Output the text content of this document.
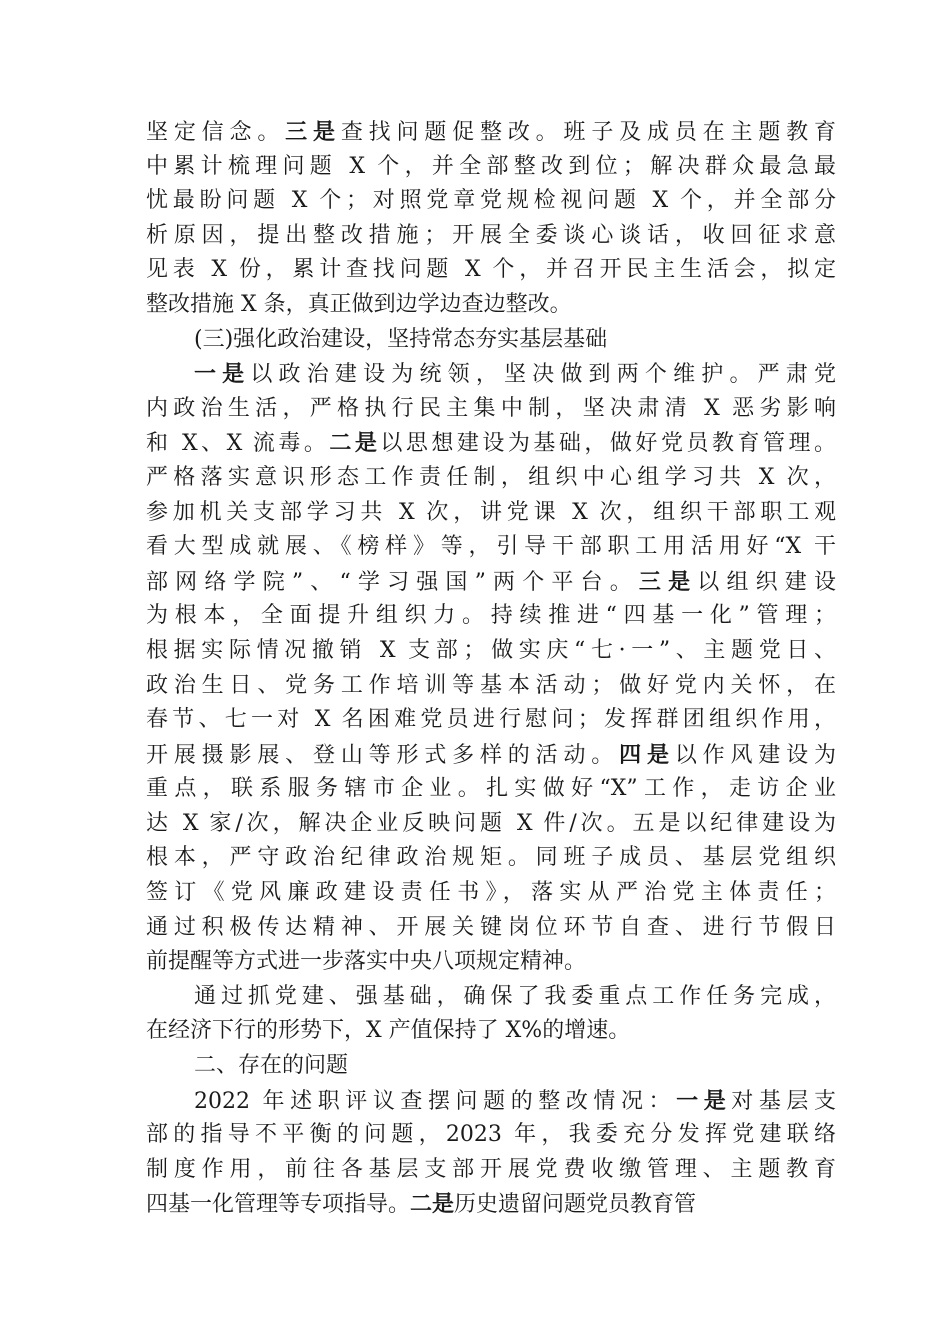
坚定信念。三是查找问题促整改。班子及成员在主题教育
中累计梳理问题 X 个，并全部整改到位；解决群众最急最
忧最盼问题 X 个；对照党章党规检视问题 X 个，并全部分
析原因，提出整改措施；开展全委谈心谈话，收回征求意
见表 X 份，累计查找问题 X 个，并召开民主生活会，拟定
整改措施 X 条，真正做到边学边查边整改。
(三)强化政治建设，坚持常态夯实基层基础
一是以政治建设为统领，坚决做到两个维护。严肃党
内政治生活，严格执行民主集中制，坚决肃清 X 恶劣影响
和 X、X 流毒。二是以思想建设为基础，做好党员教育管理。
严格落实意识形态工作责任制，组织中心组学习共 X 次，
参加机关支部学习共 X 次，讲党课 X 次，组织干部职工观
看大型成就展、《榜样》等，引导干部职工用活用好“X 干
部网络学院”、“学习强国”两个平台。三是以组织建设
为根本，全面提升组织力。持续推进“四基一化”管理；
根据实际情况撤销 X 支部；做实庆“七·一”、主题党日、
政治生日、党务工作培训等基本活动；做好党内关怀，在
春节、七一对 X 名困难党员进行慰问；发挥群团组织作用，
开展摄影展、登山等形式多样的活动。四是以作风建设为
重点，联系服务辖市企业。扎实做好“X”工作，走访企业
达 X 家/次，解决企业反映问题 X 件/次。五是以纪律建设为
根本，严守政治纪律政治规矩。同班子成员、基层党组织
签订《党风廉政建设责任书》，落实从严治党主体责任；
通过积极传达精神、开展关键岗位环节自查、进行节假日
前提醒等方式进一步落实中央八项规定精神。
通过抓党建、强基础，确保了我委重点工作任务完成，
在经济下行的形势下，X 产值保持了 X%的增速。
二、存在的问题
2022 年述职评议查摆问题的整改情况：一是对基层支
部的指导不平衡的问题，2023 年，我委充分发挥党建联络
制度作用，前往各基层支部开展党费收缴管理、主题教育
四基一化管理等专项指导。二是历史遗留问题党员教育管
